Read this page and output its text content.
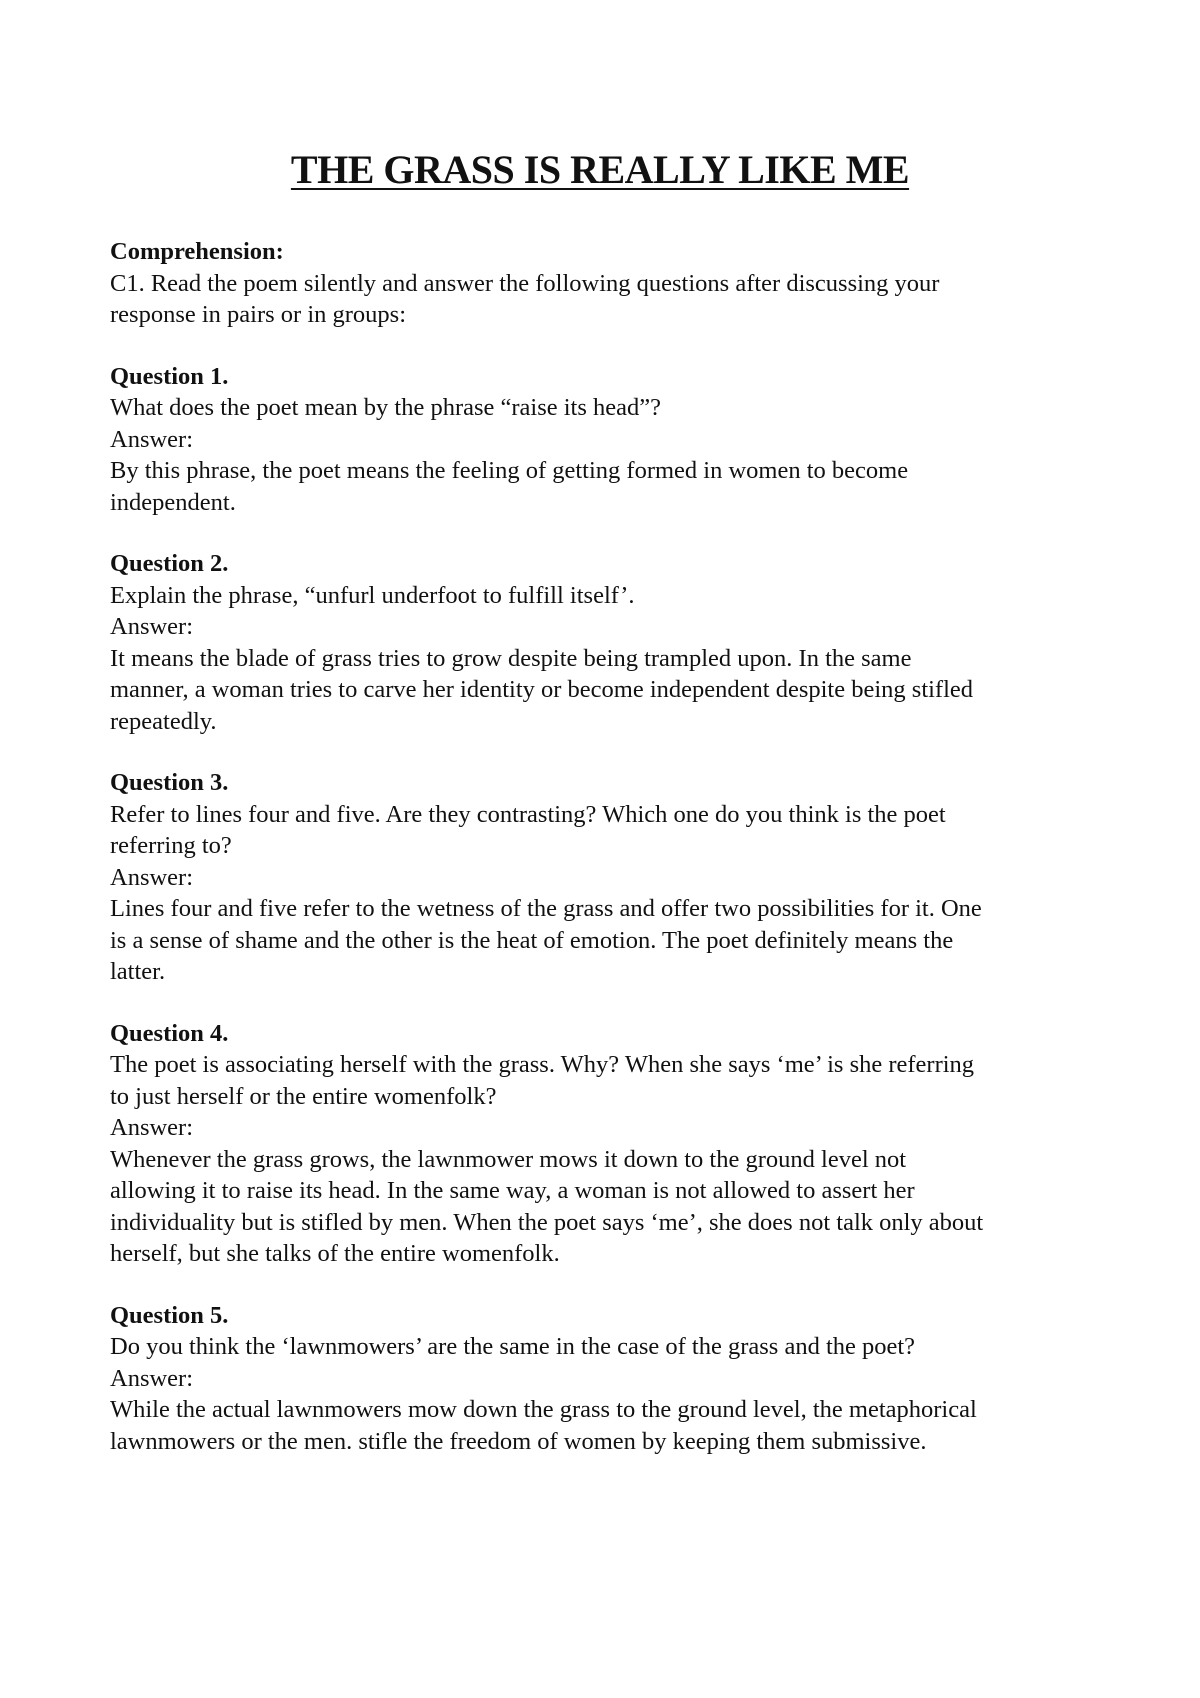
THE GRASS IS REALLY LIKE ME
Comprehension:
C1. Read the poem silently and answer the following questions after discussing your
response in pairs or in groups:
Question 1.
What does the poet mean by the phrase “raise its head”?
Answer:
By this phrase, the poet means the feeling of getting formed in women to become
independent.
Question 2.
Explain the phrase, “unfurl underfoot to fulfill itself’.
Answer:
It means the blade of grass tries to grow despite being trampled upon. In the same
manner, a woman tries to carve her identity or become independent despite being stifled
repeatedly.
Question 3.
Refer to lines four and five. Are they contrasting? Which one do you think is the poet
referring to?
Answer:
Lines four and five refer to the wetness of the grass and offer two possibilities for it. One
is a sense of shame and the other is the heat of emotion. The poet definitely means the
latter.
Question 4.
The poet is associating herself with the grass. Why? When she says ‘me’ is she referring
to just herself or the entire womenfolk?
Answer:
Whenever the grass grows, the lawnmower mows it down to the ground level not
allowing it to raise its head. In the same way, a woman is not allowed to assert her
individuality but is stifled by men. When the poet says ‘me’, she does not talk only about
herself, but she talks of the entire womenfolk.
Question 5.
Do you think the ‘lawnmowers’ are the same in the case of the grass and the poet?
Answer:
While the actual lawnmowers mow down the grass to the ground level, the metaphorical
lawnmowers or the men. stifle the freedom of women by keeping them submissive.
